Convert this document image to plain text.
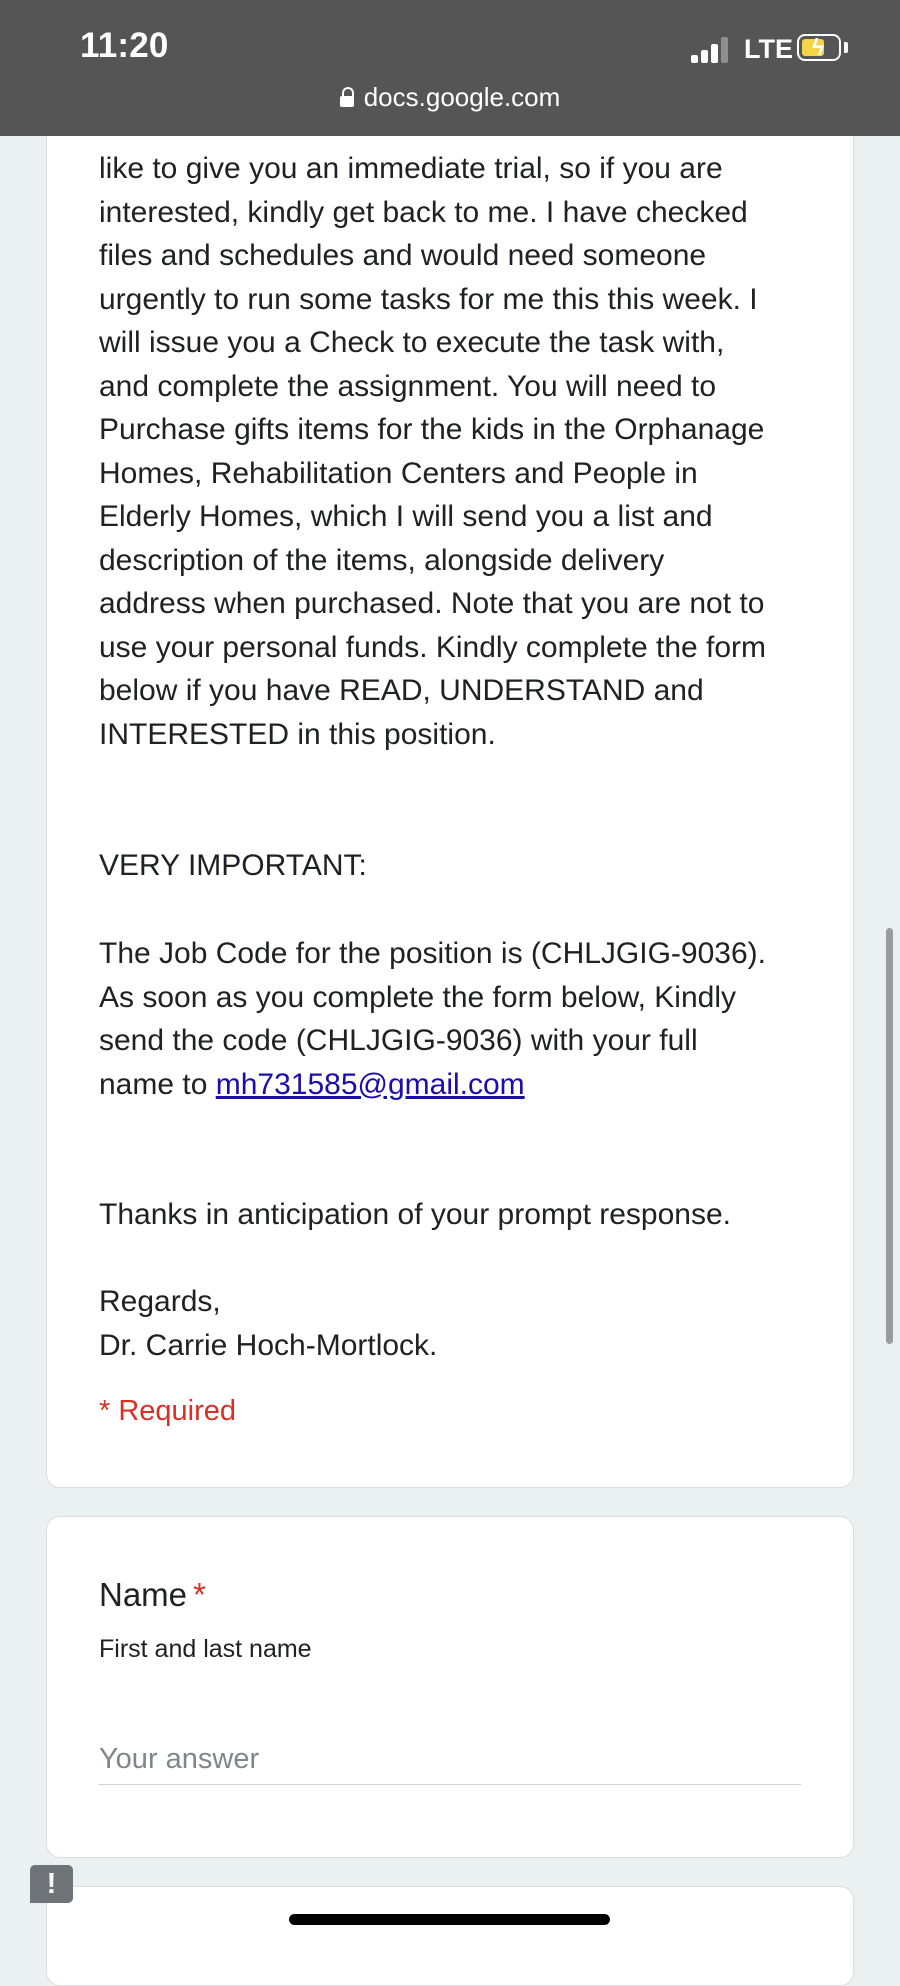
11:20	LTE ϟ
docs.google.com
like to give you an immediate trial, so if you are
interested, kindly get back to me. I have checked
files and schedules and would need someone
urgently to run some tasks for me this this week. I
will issue you a Check to execute the task with,
and complete the assignment. You will need to
Purchase gifts items for the kids in the Orphanage
Homes, Rehabilitation Centers and People in
Elderly Homes, which I will send you a list and
description of the items, alongside delivery
address when purchased. Note that you are not to
use your personal funds. Kindly complete the form
below if you have READ, UNDERSTAND and
INTERESTED in this position.
VERY IMPORTANT:
The Job Code for the position is (CHLJGIG-9036).
As soon as you complete the form below, Kindly
send the code (CHLJGIG-9036) with your full
name to mh731585@gmail.com
Thanks in anticipation of your prompt response.
Regards,
Dr. Carrie Hoch-Mortlock.
* Required
Name *
First and last name
Your answer
!
